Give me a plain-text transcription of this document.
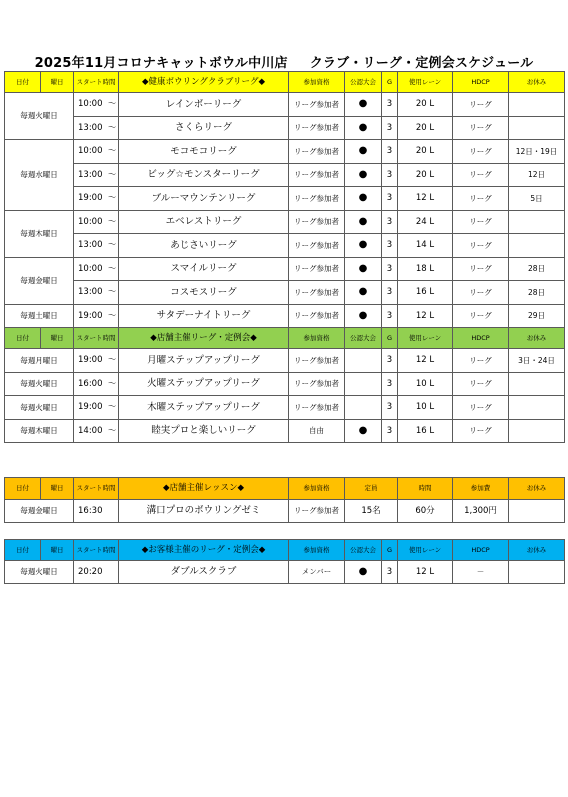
2025年11月コロナキャットボウル中川店 クラブ・リーグ・定例会スケジュール
日付	曜日	スタート時間	◆健康ボウリングクラブリーグ◆	参加資格	公認大会	G	使用レーン	HDCP	お休み
毎週火曜日		10:00  ～	レインボーリーグ	リーグ参加者	●	3	20 L	リーグ	
		13:00  ～	さくらリーグ	リーグ参加者	●	3	20 L	リーグ	
毎週水曜日		10:00  ～	モコモコリーグ	リーグ参加者	●	3	20 L	リーグ	12日・19日
		13:00  ～	ビッグ☆モンスターリーグ	リーグ参加者	●	3	20 L	リーグ	12日
		19:00  ～	ブルーマウンテンリーグ	リーグ参加者	●	3	12 L	リーグ	5日
毎週木曜日		10:00  ～	エベレストリーグ	リーグ参加者	●	3	24 L	リーグ	
		13:00  ～	あじさいリーグ	リーグ参加者	●	3	14 L	リーグ	
毎週金曜日		10:00  ～	スマイルリーグ	リーグ参加者	●	3	18 L	リーグ	28日
		13:00  ～	コスモスリーグ	リーグ参加者	●	3	16 L	リーグ	28日
毎週土曜日		19:00  ～	サタデーナイトリーグ	リーグ参加者	●	3	12 L	リーグ	29日
日付	曜日	スタート時間	◆店舗主催リーグ・定例会◆	参加資格	公認大会	G	使用レーン	HDCP	お休み
毎週月曜日		19:00  ～	月曜ステップアップリーグ	リーグ参加者		3	12 L	リーグ	3日・24日
毎週火曜日		16:00  ～	火曜ステップアップリーグ	リーグ参加者		3	10 L	リーグ	
毎週火曜日		19:00  ～	木曜ステップアップリーグ	リーグ参加者		3	10 L	リーグ	
毎週木曜日		14:00  ～	睦実プロと楽しいリーグ	自由	●	3	16 L	リーグ	
日付	曜日	スタート時間	◆店舗主催レッスン◆	参加資格	定員	時間	参加費	お休み
毎週金曜日		16:30	溝口プロのボウリングゼミ	リーグ参加者	15名	60分	1,300円	
日付	曜日	スタート時間	◆お客様主催のリーグ・定例会◆	参加資格	公認大会	G	使用レーン	HDCP	お休み
毎週火曜日		20:20	ダブルスクラブ	メンバー	●	3	12 L	－	
